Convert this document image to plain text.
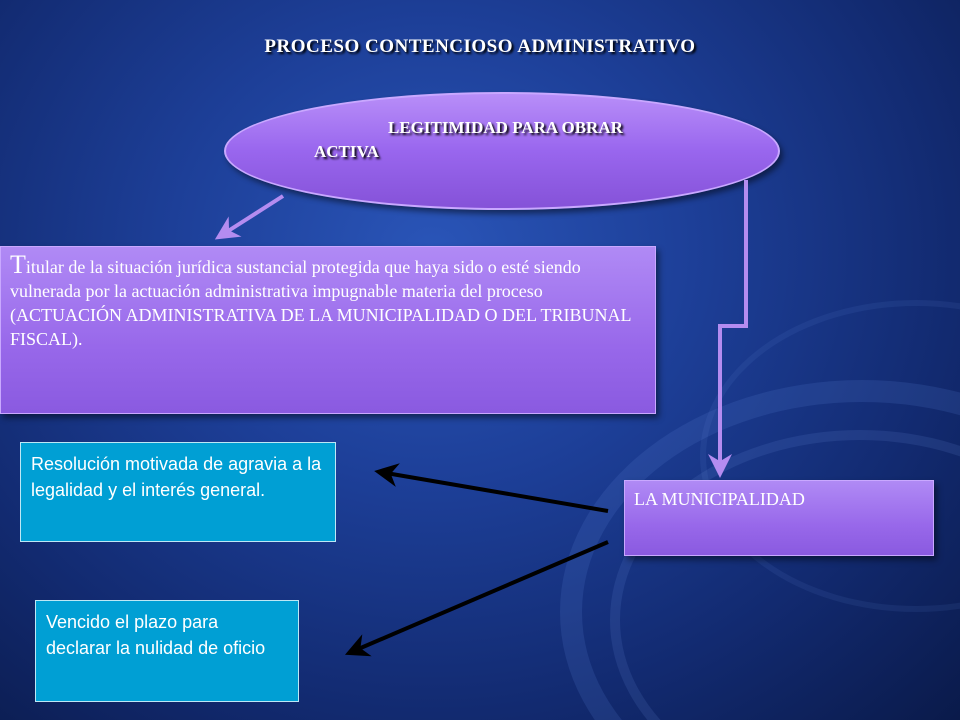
PROCESO CONTENCIOSO ADMINISTRATIVO
LEGITIMIDAD PARA OBRAR
ACTIVA
Titular de la situación jurídica sustancial protegida que haya sido o esté siendo vulnerada por la actuación administrativa impugnable materia del proceso (ACTUACIÓN ADMINISTRATIVA DE LA MUNICIPALIDAD O DEL TRIBUNAL FISCAL).
LA MUNICIPALIDAD
Resolución motivada de agravia a la legalidad y el interés general.
Vencido el plazo para declarar la nulidad de oficio
